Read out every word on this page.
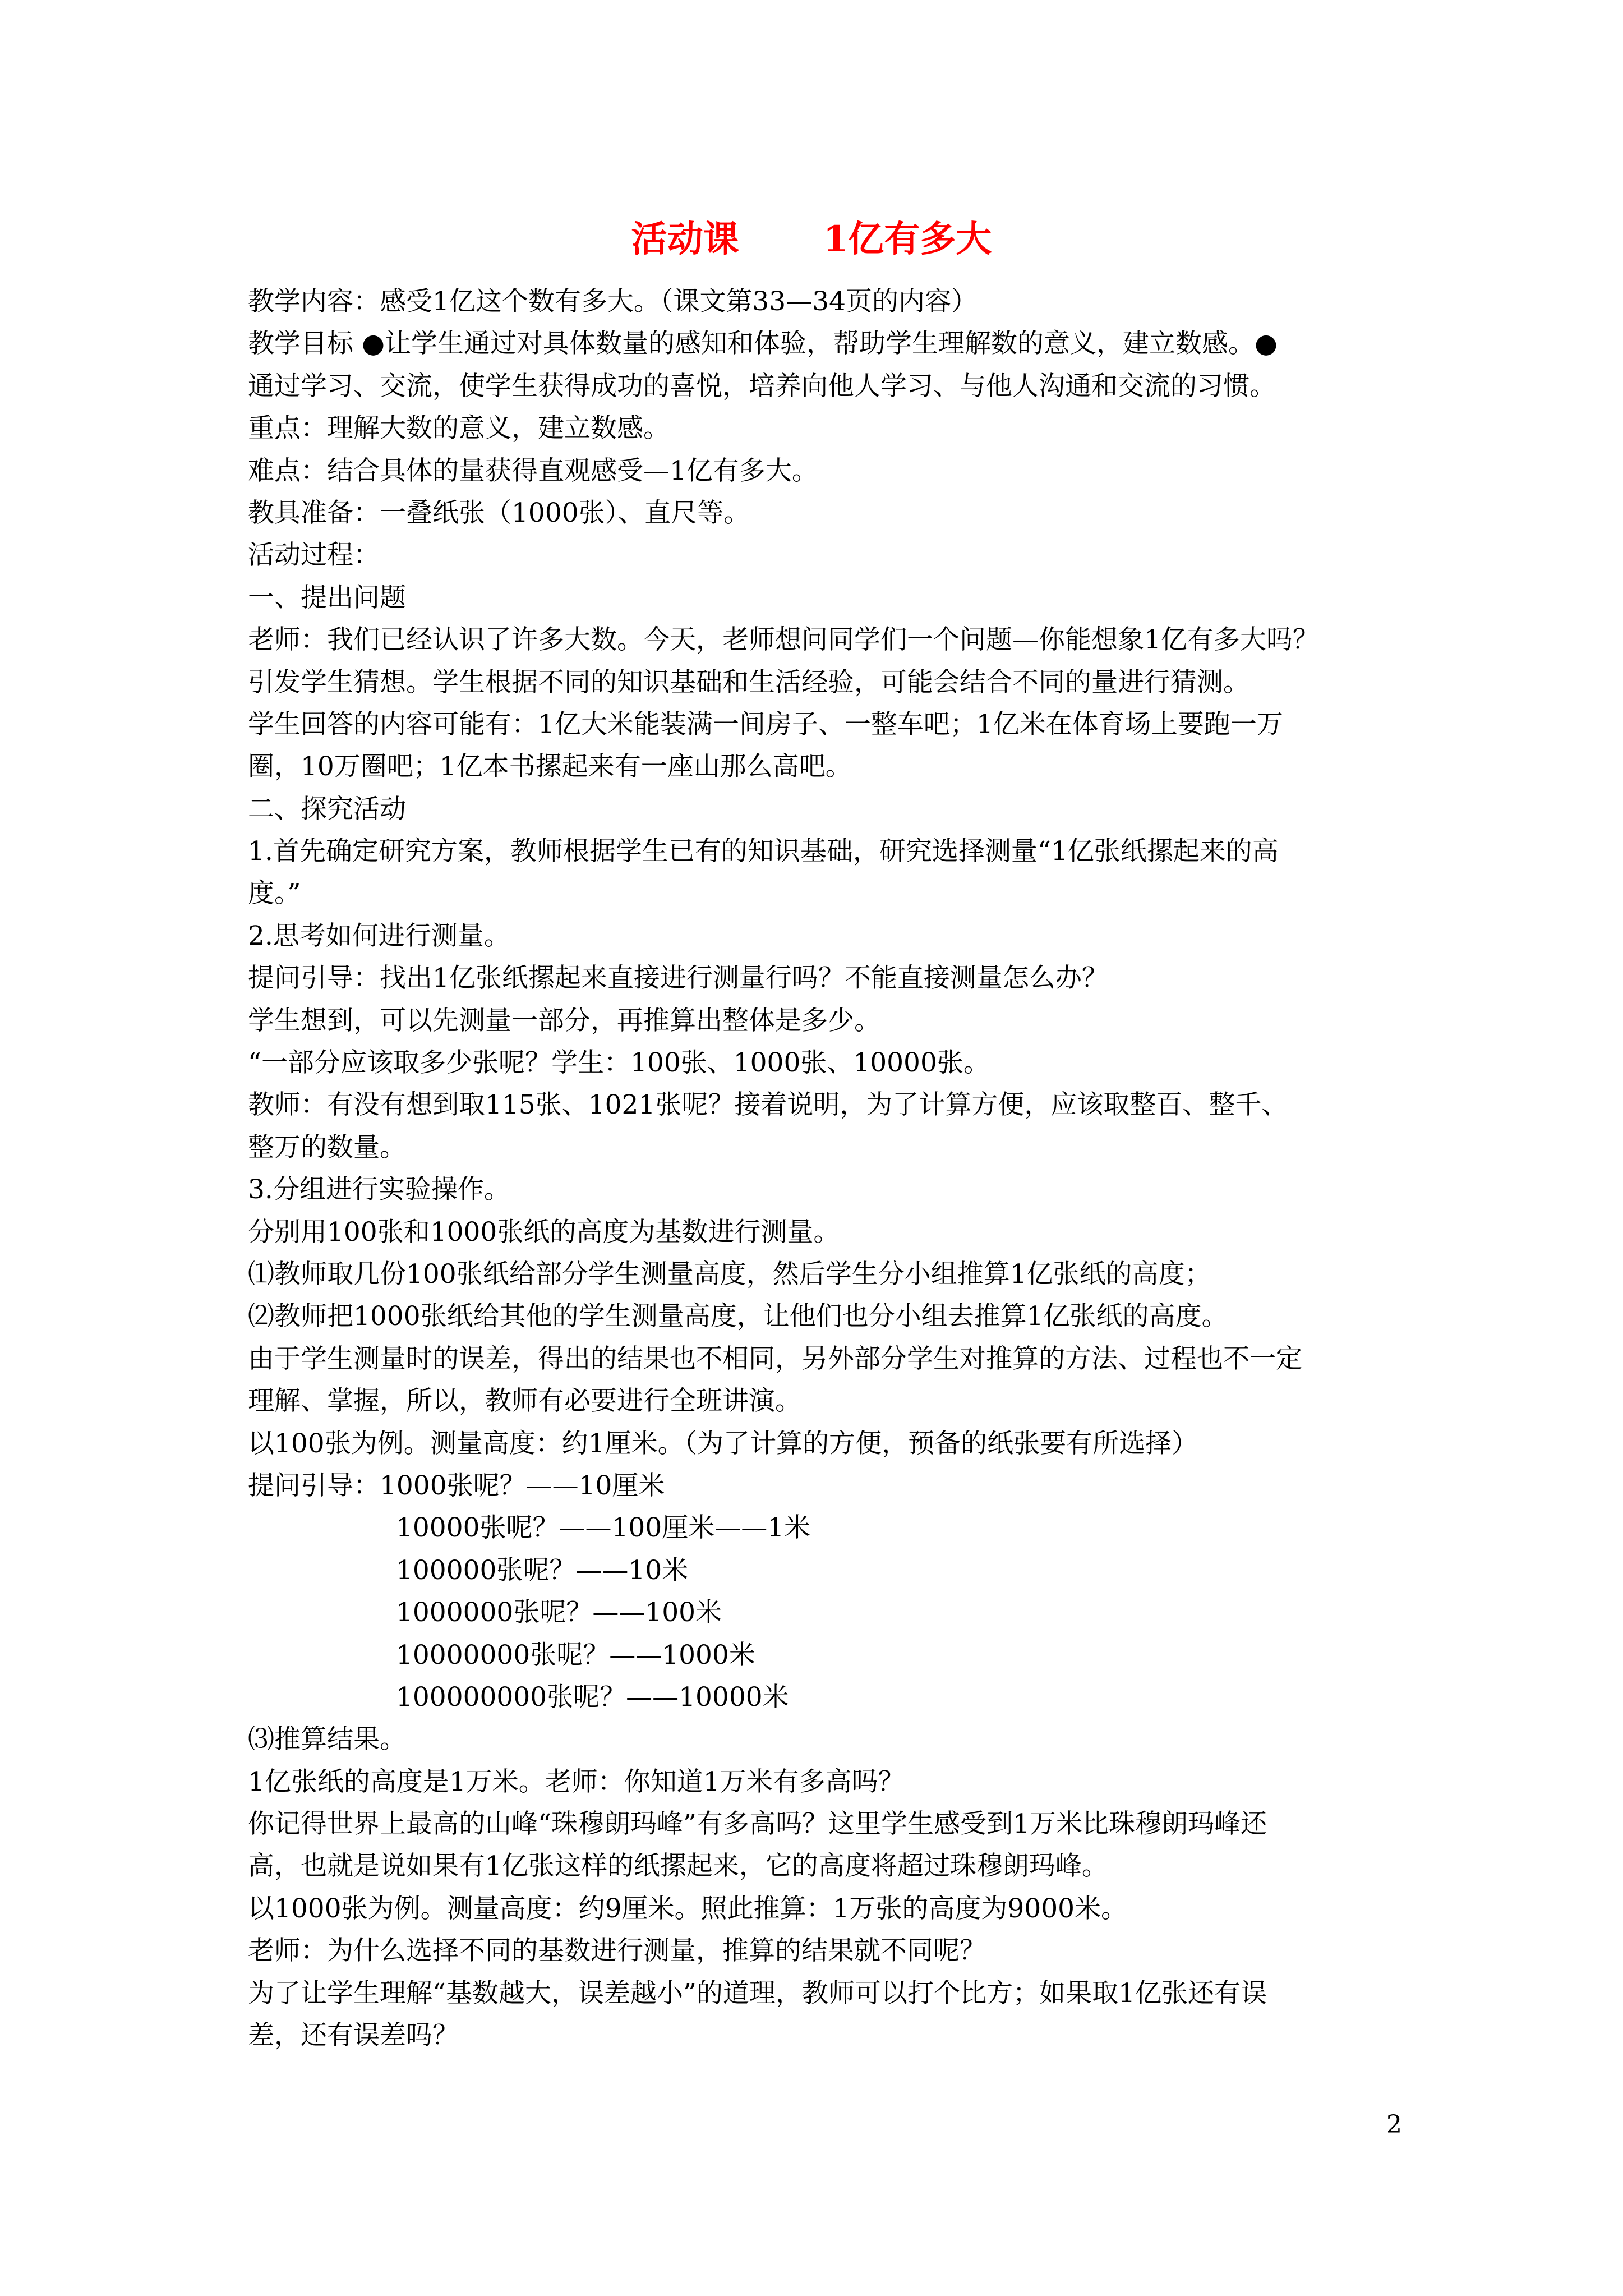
活动课　　 1亿有多大
教学内容：感受1亿这个数有多大。（课文第33—34页的内容）
教学目标 ●让学生通过对具体数量的感知和体验，帮助学生理解数的意义，建立数感。●
通过学习、交流，使学生获得成功的喜悦，培养向他人学习、与他人沟通和交流的习惯。
重点：理解大数的意义，建立数感。
难点：结合具体的量获得直观感受—1亿有多大。
教具准备：一叠纸张（1000张）、直尺等。
活动过程：
一、提出问题
老师：我们已经认识了许多大数。今天，老师想问同学们一个问题—你能想象1亿有多大吗？
引发学生猜想。学生根据不同的知识基础和生活经验，可能会结合不同的量进行猜测。
学生回答的内容可能有：1亿大米能装满一间房子、一整车吧；1亿米在体育场上要跑一万
圈，10万圈吧；1亿本书摞起来有一座山那么高吧。
二、探究活动
1.首先确定研究方案，教师根据学生已有的知识基础，研究选择测量“1亿张纸摞起来的高
度。”
2.思考如何进行测量。
提问引导：找出1亿张纸摞起来直接进行测量行吗？不能直接测量怎么办？
学生想到，可以先测量一部分，再推算出整体是多少。
“一部分应该取多少张呢？学生：100张、1000张、10000张。
教师：有没有想到取115张、1021张呢？接着说明，为了计算方便，应该取整百、整千、
整万的数量。
3.分组进行实验操作。
分别用100张和1000张纸的高度为基数进行测量。
⑴教师取几份100张纸给部分学生测量高度，然后学生分小组推算1亿张纸的高度；
⑵教师把1000张纸给其他的学生测量高度，让他们也分小组去推算1亿张纸的高度。
由于学生测量时的误差，得出的结果也不相同，另外部分学生对推算的方法、过程也不一定
理解、掌握，所以，教师有必要进行全班讲演。
以100张为例。测量高度：约1厘米。（为了计算的方便，预备的纸张要有所选择）
提问引导：1000张呢？——10厘米
10000张呢？——100厘米——1米
100000张呢？——10米
1000000张呢？——100米
10000000张呢？——1000米
100000000张呢？——10000米
⑶推算结果。
1亿张纸的高度是1万米。老师：你知道1万米有多高吗？
你记得世界上最高的山峰“珠穆朗玛峰”有多高吗？这里学生感受到1万米比珠穆朗玛峰还
高，也就是说如果有1亿张这样的纸摞起来，它的高度将超过珠穆朗玛峰。
以1000张为例。测量高度：约9厘米。照此推算：1万张的高度为9000米。
老师：为什么选择不同的基数进行测量，推算的结果就不同呢？
为了让学生理解“基数越大，误差越小”的道理，教师可以打个比方；如果取1亿张还有误
差，还有误差吗？
2
